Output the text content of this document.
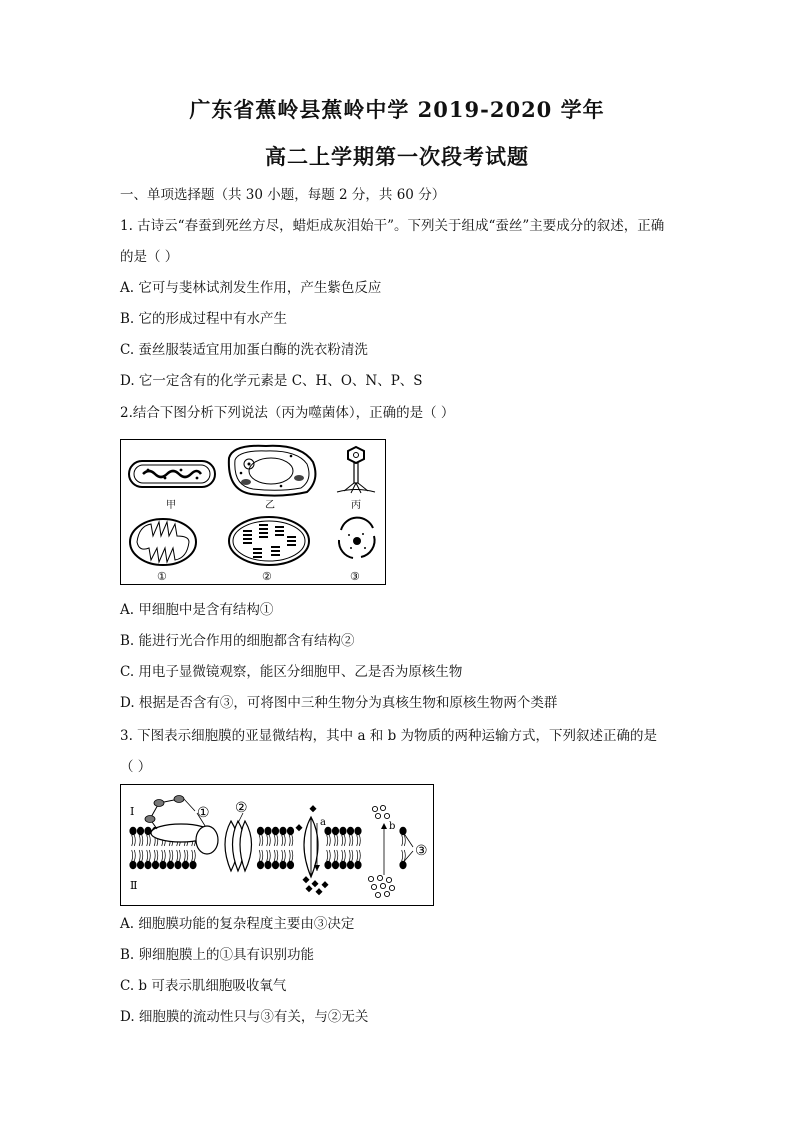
广东省蕉岭县蕉岭中学 2019-2020 学年
高二上学期第一次段考试题
一、单项选择题（共 30 小题，每题 2 分，共 60 分）
1. 古诗云“春蚕到死丝方尽，蜡炬成灰泪始干”。下列关于组成“蚕丝”主要成分的叙述，正确
的是（ ）
A. 它可与斐林试剂发生作用，产生紫色反应
B. 它的形成过程中有水产生
C. 蚕丝服装适宜用加蛋白酶的洗衣粉清洗
D. 它一定含有的化学元素是 C、H、O、N、P、S
2.结合下图分析下列说法（丙为噬菌体），正确的是（ ）
甲	乙	丙
①	②	③
A. 甲细胞中是含有结构①
B. 能进行光合作用的细胞都含有结构②
C. 用电子显微镜观察，能区分细胞甲、乙是否为原核生物
D. 根据是否含有③，可将图中三种生物分为真核生物和原核生物两个类群
3. 下图表示细胞膜的亚显微结构，其中 a 和 b 为物质的两种运输方式，下列叙述正确的是
（ ）
Ⅰ
Ⅱ
① ②
a	b
③
A. 细胞膜功能的复杂程度主要由③决定
B. 卵细胞膜上的①具有识别功能
C. b 可表示肌细胞吸收氧气
D. 细胞膜的流动性只与③有关，与②无关
